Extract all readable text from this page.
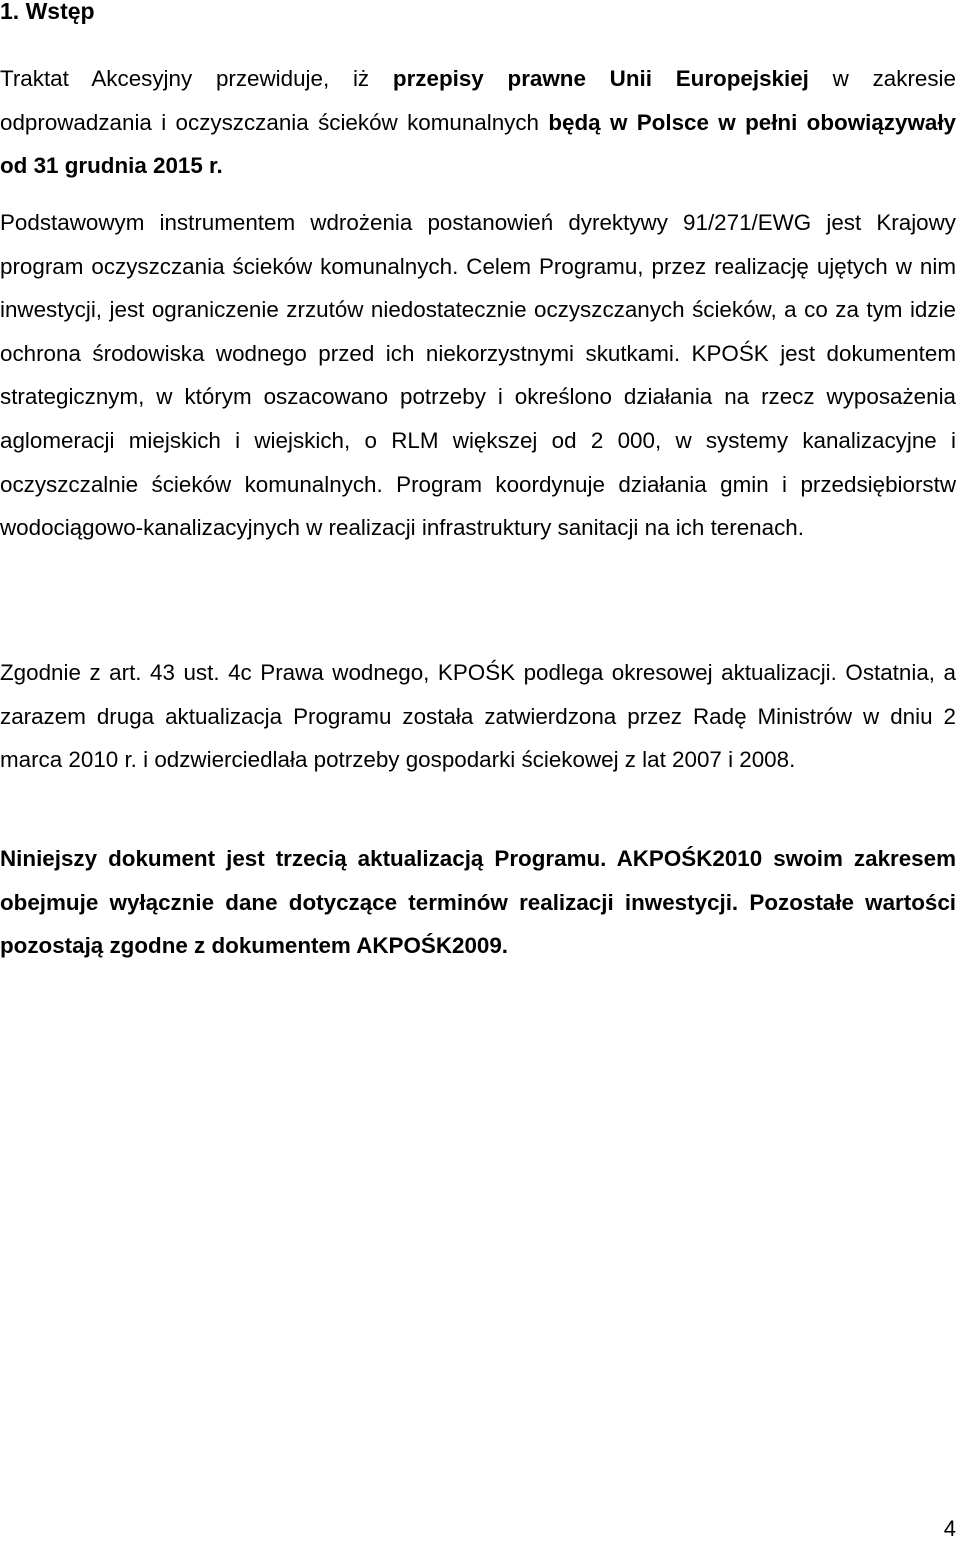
1. Wstęp

Traktat Akcesyjny przewiduje, iż przepisy prawne Unii Europejskiej w zakresie odprowadzania i oczyszczania ścieków komunalnych będą w Polsce w pełni obowiązywały od 31 grudnia 2015 r.

Podstawowym instrumentem wdrożenia postanowień dyrektywy 91/271/EWG jest Krajowy program oczyszczania ścieków komunalnych. Celem Programu, przez realizację ujętych w nim inwestycji, jest ograniczenie zrzutów niedostatecznie oczyszczanych ścieków, a co za tym idzie ochrona środowiska wodnego przed ich niekorzystnymi skutkami. KPOŚK jest dokumentem strategicznym, w którym oszacowano potrzeby i określono działania na rzecz wyposażenia aglomeracji miejskich i wiejskich, o RLM większej od 2 000, w systemy kanalizacyjne i oczyszczalnie ścieków komunalnych. Program koordynuje działania gmin i przedsiębiorstw wodociągowo-kanalizacyjnych w realizacji infrastruktury sanitacji na ich terenach.

Zgodnie z art. 43 ust. 4c Prawa wodnego, KPOŚK podlega okresowej aktualizacji. Ostatnia, a zarazem druga aktualizacja Programu została zatwierdzona przez Radę Ministrów w dniu 2 marca 2010 r. i odzwierciedlała potrzeby gospodarki ściekowej z lat 2007 i 2008.

Niniejszy dokument jest trzecią aktualizacją Programu. AKPOŚK2010 swoim zakresem obejmuje wyłącznie dane dotyczące terminów realizacji inwestycji. Pozostałe wartości pozostają zgodne z dokumentem AKPOŚK2009.

4
